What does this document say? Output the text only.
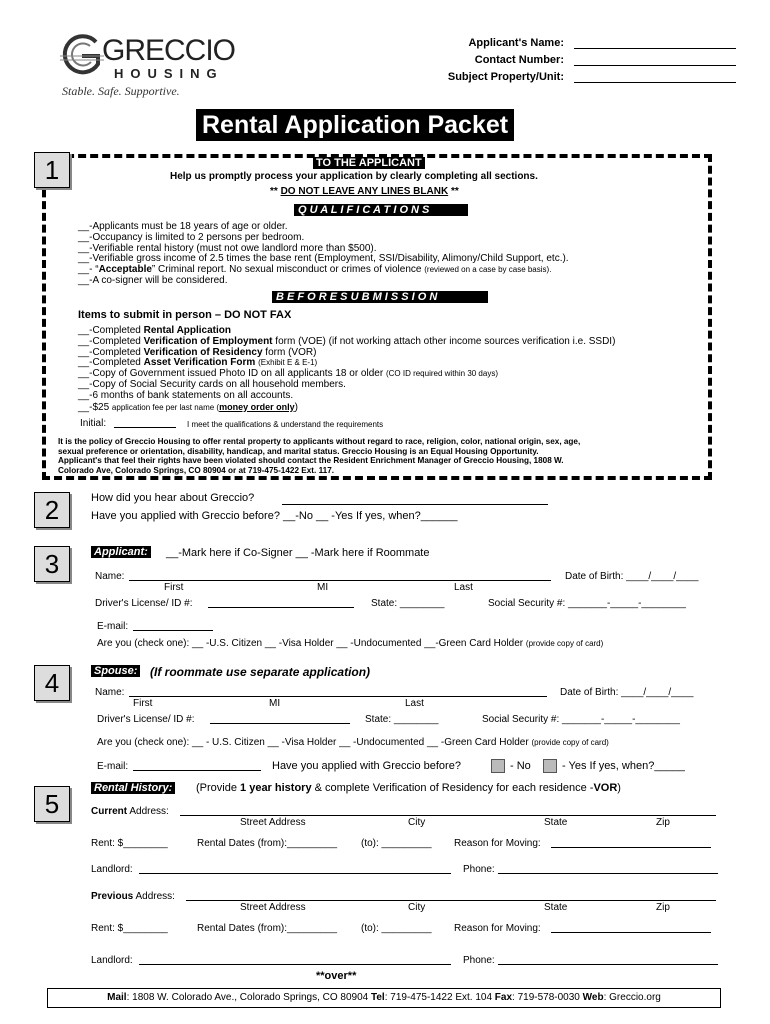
GRECCIO
HOUSING
Stable. Safe. Supportive.
Applicant's Name:
Contact Number:
Subject Property/Unit:
Rental Application Packet
1	TO THE APPLICANT
Help us promptly process your application by clearly completing all sections.
** DO NOT LEAVE ANY LINES BLANK **
Q U A L I F I C A T I O N S
__-Applicants must be 18 years of age or older.
__-Occupancy is limited to 2 persons per bedroom.
__-Verifiable rental history (must not owe landlord more than $500).
__-Verifiable gross income of 2.5 times the base rent (Employment, SSI/Disability, Alimony/Child Support, etc.).
__- “Acceptable” Criminal report. No sexual misconduct or crimes of violence (reviewed on a case by case basis).
__-A co-signer will be considered.
B E F O R E S U B M I S S I O N
Items to submit in person – DO NOT FAX
__-Completed Rental Application
__-Completed Verification of Employment form (VOE) (if not working attach other income sources verification i.e. SSDI)
__-Completed Verification of Residency form (VOR)
__-Completed Asset Verification Form (Exhibit E & E-1)
__-Copy of Government issued Photo ID on all applicants 18 or older (CO ID required within 30 days)
__-Copy of Social Security cards on all household members.
__-6 months of bank statements on all accounts.
__-$25 application fee per last name (money order only)
Initial:	I meet the qualifications & understand the requirements
It is the policy of Greccio Housing to offer rental property to applicants without regard to race, religion, color, national origin, sex, age,
sexual preference or orientation, disability, handicap, and marital status. Greccio Housing is an Equal Housing Opportunity.
Applicant's that feel their rights have been violated should contact the Resident Enrichment Manager of Greccio Housing, 1808 W.
Colorado Ave, Colorado Springs, CO 80904 or at 719-475-1422 Ext. 117.
2	How did you hear about Greccio?
Have you applied with Greccio before? __-No __ -Yes If yes, when?______
3	Applicant: __-Mark here if Co-Signer __ -Mark here if Roommate
Name:	Date of Birth: ____/____/____
First	MI	Last
Driver's License/ ID #:	State: ________	Social Security #: _______-_____-________
E-mail:
Are you (check one): __ -U.S. Citizen __ -Visa Holder __ -Undocumented __-Green Card Holder (provide copy of card)
4	Spouse: (If roommate use separate application)
Name:	Date of Birth: ____/____/____
First	MI	Last
Driver's License/ ID #:	State: ________	Social Security #: _______-_____-________
Are you (check one): __ - U.S. Citizen __ -Visa Holder __ -Undocumented __ -Green Card Holder (provide copy of card)
E-mail:	Have you applied with Greccio before?	- No	- Yes If yes, when?_____
5
Rental History: (Provide 1 year history & complete Verification of Residency for each residence -VOR)
Current Address:
Street Address	City	State	Zip
Rent: $________	Rental Dates (from):_________ (to): _________ Reason for Moving:
Landlord:	Phone:
Previous Address:
Street Address	City	State	Zip
Rent: $________	Rental Dates (from):_________ (to): _________ Reason for Moving:
Landlord:	Phone:
**over**
Mail: 1808 W. Colorado Ave., Colorado Springs, CO 80904 Tel: 719-475-1422 Ext. 104 Fax: 719-578-0030 Web: Greccio.org
